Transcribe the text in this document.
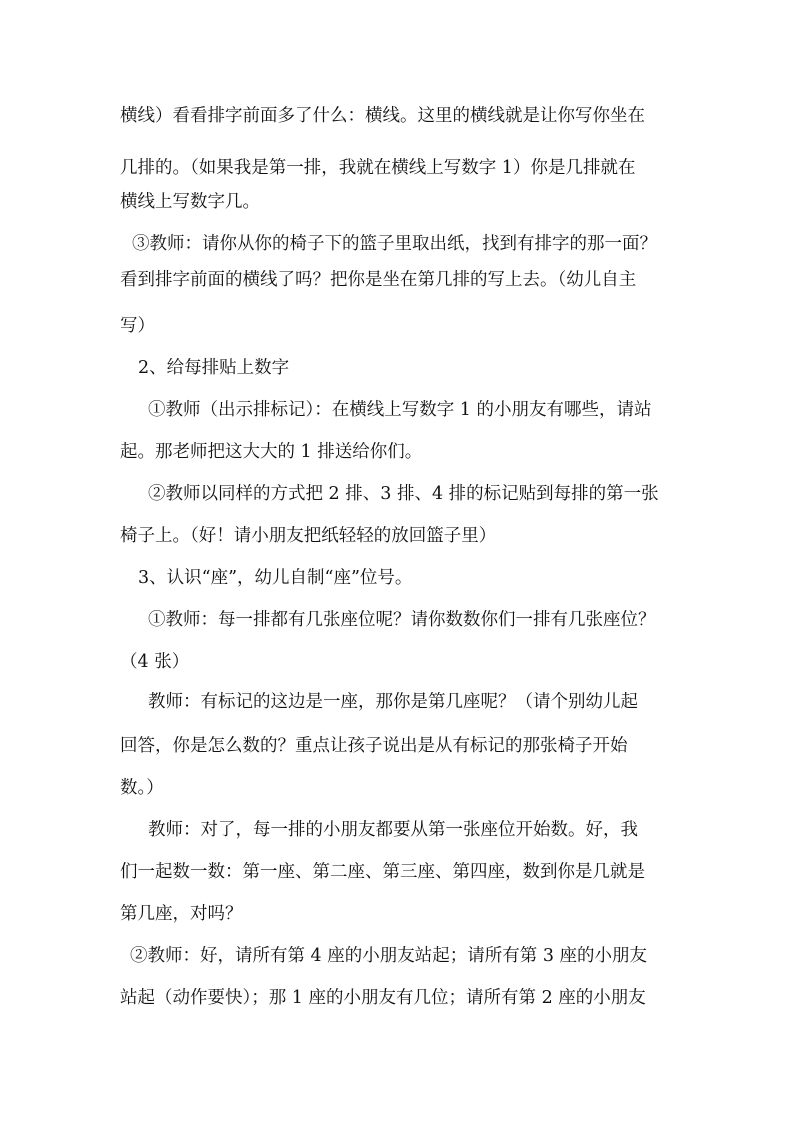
横线）看看排字前面多了什么：横线。这里的横线就是让你写你坐在
几排的。（如果我是第一排，我就在横线上写数字 1）你是几排就在
横线上写数字几。
③教师：请你从你的椅子下的篮子里取出纸，找到有排字的那一面？
看到排字前面的横线了吗？把你是坐在第几排的写上去。（幼儿自主
写）
2、给每排贴上数字
①教师（出示排标记）：在横线上写数字 1 的小朋友有哪些，请站
起。那老师把这大大的 1 排送给你们。
②教师以同样的方式把 2 排、3 排、4 排的标记贴到每排的第一张
椅子上。（好！请小朋友把纸轻轻的放回篮子里）
3、认识“座”，幼儿自制“座”位号。
①教师：每一排都有几张座位呢？请你数数你们一排有几张座位？
（4 张）
教师：有标记的这边是一座，那你是第几座呢？（请个别幼儿起
回答，你是怎么数的？重点让孩子说出是从有标记的那张椅子开始
数。）
教师：对了，每一排的小朋友都要从第一张座位开始数。好，我
们一起数一数：第一座、第二座、第三座、第四座，数到你是几就是
第几座，对吗？
②教师：好，请所有第 4 座的小朋友站起；请所有第 3 座的小朋友
站起（动作要快）；那 1 座的小朋友有几位；请所有第 2 座的小朋友
